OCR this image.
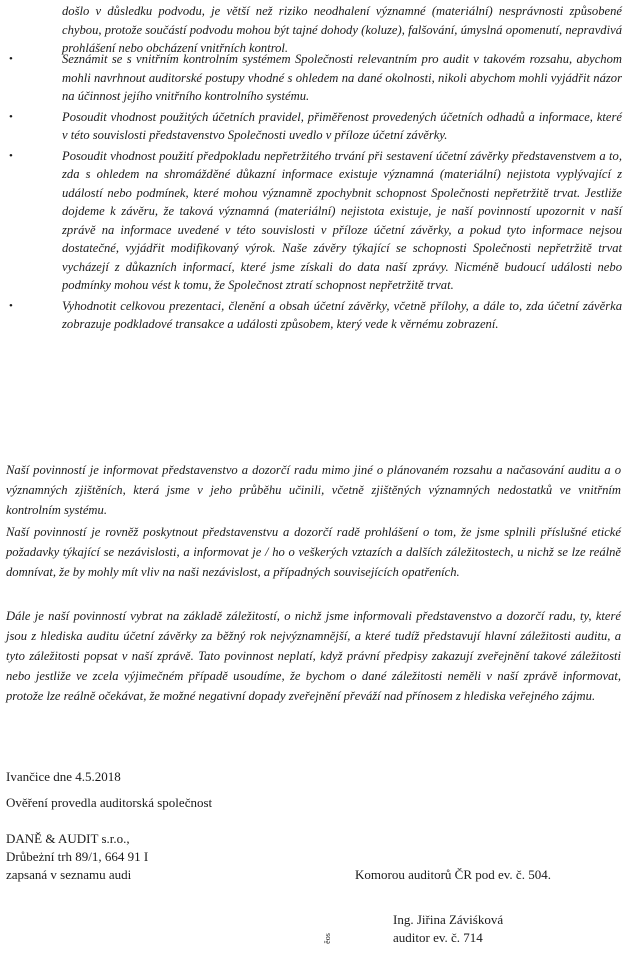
došlo v důsledku podvodu, je větší než riziko neodhalení významné (materiální) nesprávnosti způsobené chybou, protože součástí podvodu mohou být tajné dohody (koluze), falšování, úmyslná opomenutí, nepravdivá prohlášení nebo obcházení vnitřních kontrol.

•	Seznámit se s vnitřním kontrolním systémem Společnosti relevantním pro audit v takovém rozsahu, abychom mohli navrhnout auditorské postupy vhodné s ohledem na dané okolnosti, nikoli abychom mohli vyjádřit názor na účinnost jejího vnitřního kontrolního systému.
•	Posoudit vhodnost použitých účetních pravidel, přiměřenost provedených účetních odhadů a informace, které v této souvislosti představenstvo Společnosti uvedlo v příloze účetní závěrky.
•	Posoudit vhodnost použití předpokladu nepřetržitého trvání při sestavení účetní závěrky představenstvem a to, zda s ohledem na shromážděné důkazní informace existuje významná (materiální) nejistota vyplývající z událostí nebo podmínek, které mohou významně zpochybnit schopnost Společnosti nepřetržitě trvat. Jestliže dojdeme k závěru, že taková významná (materiální) nejistota existuje, je naší povinností upozornit v naší zprávě na informace uvedené v této souvislosti v příloze účetní závěrky, a pokud tyto informace nejsou dostatečné, vyjádřit modifikovaný výrok. Naše závěry týkající se schopnosti Společnosti nepřetržitě trvat vycházejí z důkazních informací, které jsme získali do data naší zprávy. Nicméně budoucí události nebo podmínky mohou vést k tomu, že Společnost ztratí schopnost nepřetržitě trvat.
•	Vyhodnotit celkovou prezentaci, členění a obsah účetní závěrky, včetně přílohy, a dále to, zda účetní závěrka zobrazuje podkladové transakce a události způsobem, který vede k věrnému zobrazení.

Naší povinností je informovat představenstvo a dozorčí radu mimo jiné o plánovaném rozsahu a načasování auditu a o významných zjištěních, která jsme v jeho průběhu učinili, včetně zjištěných významných nedostatků ve vnitřním kontrolním systému.

Naší povinností je rovněž poskytnout představenstvu a dozorčí radě prohlášení o tom, že jsme splnili příslušné etické požadavky týkající se nezávislosti, a informovat je / ho o veškerých vztazích a dalších záležitostech, u nichž se lze reálně domnívat, že by mohly mít vliv na naši nezávislost, a případných souvisejících opatřeních.

Dále je naší povinností vybrat na základě záležitostí, o nichž jsme informovali představenstvo a dozorčí radu, ty, které jsou z hlediska auditu účetní závěrky za běžný rok nejvýznamnější, a které tudíž představují hlavní záležitosti auditu, a tyto záležitosti popsat v naší zprávě. Tato povinnost neplatí, když právní předpisy zakazují zveřejnění takové záležitosti nebo jestliže ve zcela výjimečném případě usoudíme, že bychom o dané záležitosti neměli v naší zprávě informovat, protože lze reálně očekávat, že možné negativní dopady zveřejnění převáží nad přínosem z hlediska veřejného zájmu.

Ivančice dne 4.5.2018
Ověření provedla auditorská společnost
DANĚ & AUDIT s.r.o.,
Drůbeżní trh 89/1, 664 91 I
zapsaná v seznamu audi	Komorou auditorů ČR pod ev. č. 504.
Ing. Jiřina Záviśková
auditor ev. č. 714
ěos
